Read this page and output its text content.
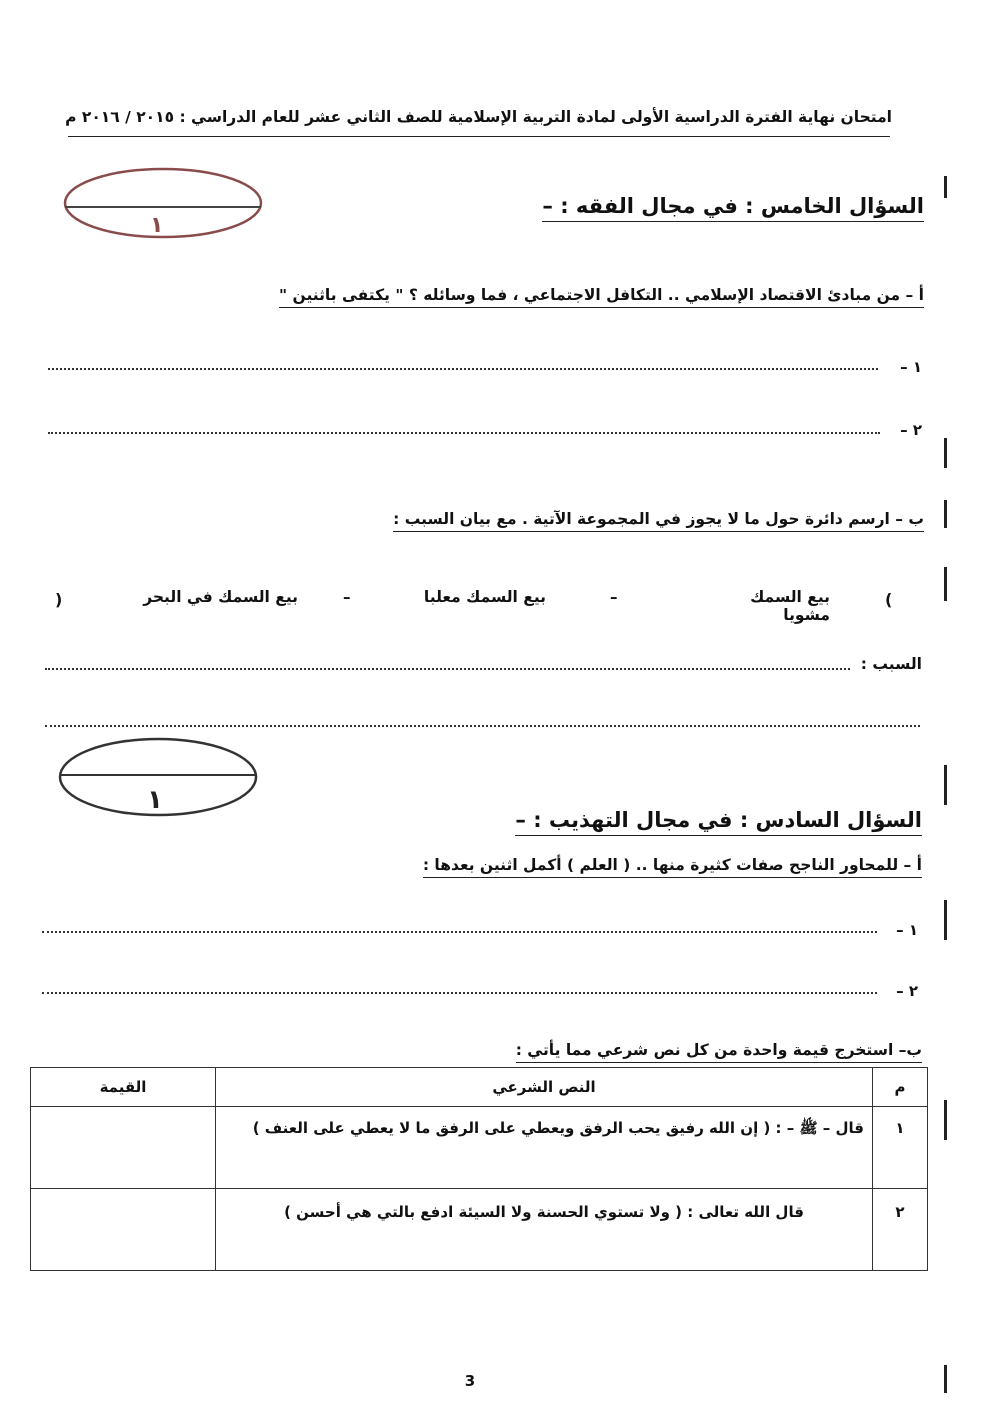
امتحان نهاية الفترة الدراسية الأولى لمادة التربية الإسلامية للصف الثاني عشر للعام الدراسي : ٢٠١٥ / ٢٠١٦ م
١
السؤال الخامس : في مجال الفقه : –
أ – من مبادئ الاقتصاد الإسلامي .. التكافل الاجتماعي ، فما وسائله ؟ " يكتفى باثنين "
١ –
٢ –
ب – ارسم دائرة حول ما لا يجوز في المجموعة الآتية . مع بيان السبب :
(
بيع السمك مشويا
–
بيع السمك معلبا
–
بيع السمك في البحر
)
السبب :
١
السؤال السادس : في مجال التهذيب : –
أ – للمحاور الناجح صفات كثيرة منها .. ( العلم ) أكمل اثنين بعدها :
١ –
٢ –
ب– استخرج قيمة واحدة من كل نص شرعي مما يأتي :
م	النص الشرعي	القيمة
١	قال – ﷺ – : ( إن الله رفيق يحب الرفق ويعطي على الرفق ما لا يعطي على العنف )	
٢	قال الله تعالى : ( ولا تستوي الحسنة ولا السيئة ادفع بالتي هي أحسن )	
3
